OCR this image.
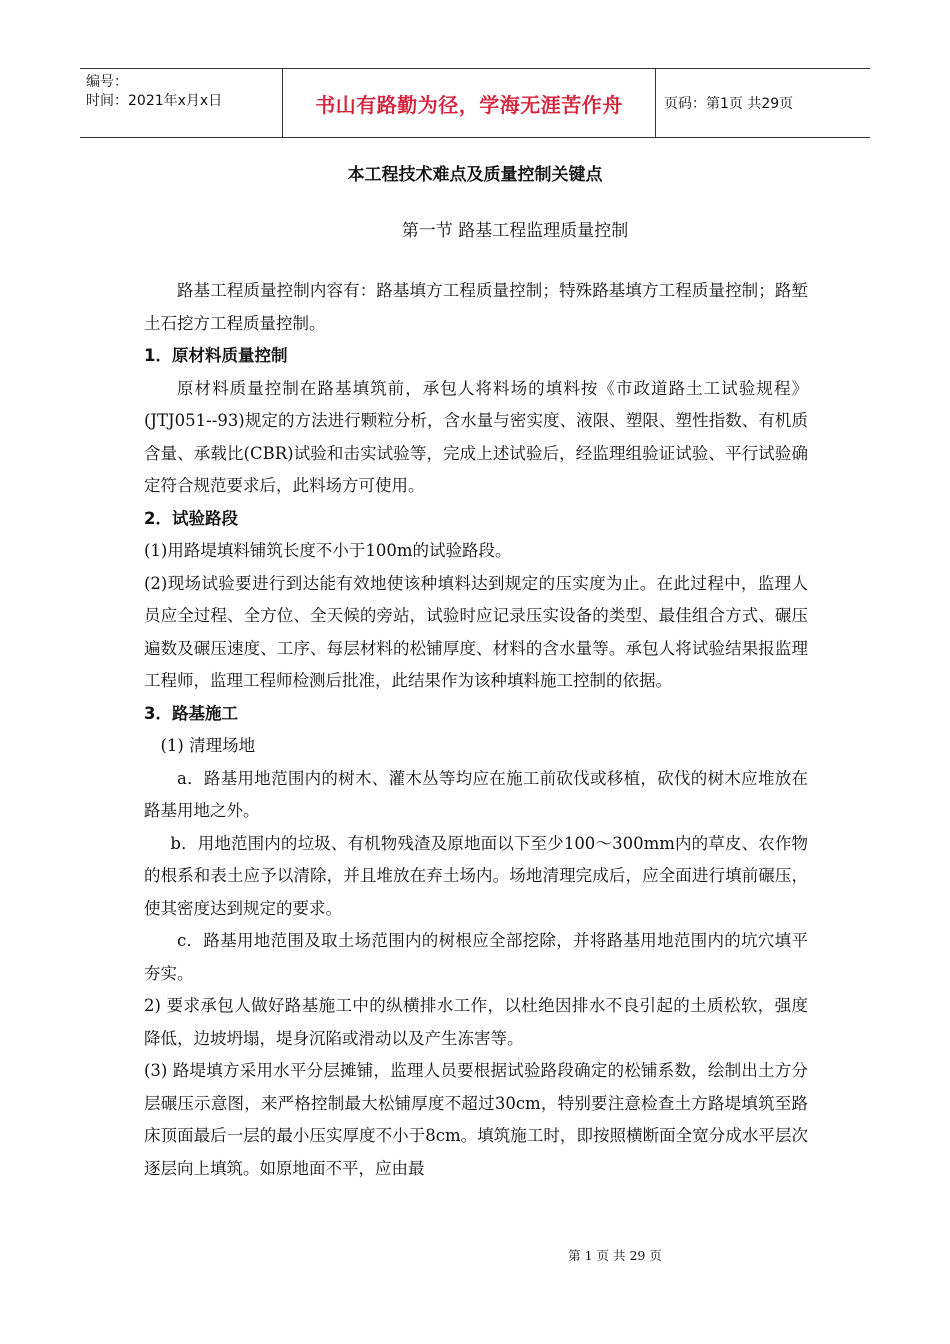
编号：
时间：2021年x月x日	书山有路勤为径，学海无涯苦作舟	页码：第1页 共29页
本工程技术难点及质量控制关键点
第一节 路基工程监理质量控制

路基工程质量控制内容有：路基填方工程质量控制；特殊路基填方工程质量控制；路堑土石挖方工程质量控制。

1．原材料质量控制

原材料质量控制在路基填筑前，承包人将料场的填料按《市政道路土工试验规程》(JTJ051--93)规定的方法进行颗粒分析，含水量与密实度、液限、塑限、塑性指数、有机质含量、承载比(CBR)试验和击实试验等，完成上述试验后，经监理组验证试验、平行试验确定符合规范要求后，此料场方可使用。

2．试验路段

(1)用路堤填料铺筑长度不小于100m的试验路段。

(2)现场试验要进行到达能有效地使该种填料达到规定的压实度为止。在此过程中，监理人员应全过程、全方位、全天候的旁站，试验时应记录压实设备的类型、最佳组合方式、碾压遍数及碾压速度、工序、每层材料的松铺厚度、材料的含水量等。承包人将试验结果报监理工程师，监理工程师检测后批准，此结果作为该种填料施工控制的依据。

3．路基施工

(1) 清理场地

a．路基用地范围内的树木、灌木丛等均应在施工前砍伐或移植，砍伐的树木应堆放在路基用地之外。

b．用地范围内的垃圾、有机物残渣及原地面以下至少100～300mm内的草皮、农作物的根系和表土应予以清除，并且堆放在弃土场内。场地清理完成后，应全面进行填前碾压，使其密度达到规定的要求。

c．路基用地范围及取土场范围内的树根应全部挖除，并将路基用地范围内的坑穴填平夯实。

2) 要求承包人做好路基施工中的纵横排水工作，以杜绝因排水不良引起的土质松软，强度降低，边坡坍塌，堤身沉陷或滑动以及产生冻害等。

(3) 路堤填方采用水平分层摊铺，监理人员要根据试验路段确定的松铺系数，绘制出土方分层碾压示意图，来严格控制最大松铺厚度不超过30cm，特别要注意检查土方路堤填筑至路床顶面最后一层的最小压实厚度不小于8cm。填筑施工时，即按照横断面全宽分成水平层次逐层向上填筑。如原地面不平，应由最

第 1 页 共 29 页
